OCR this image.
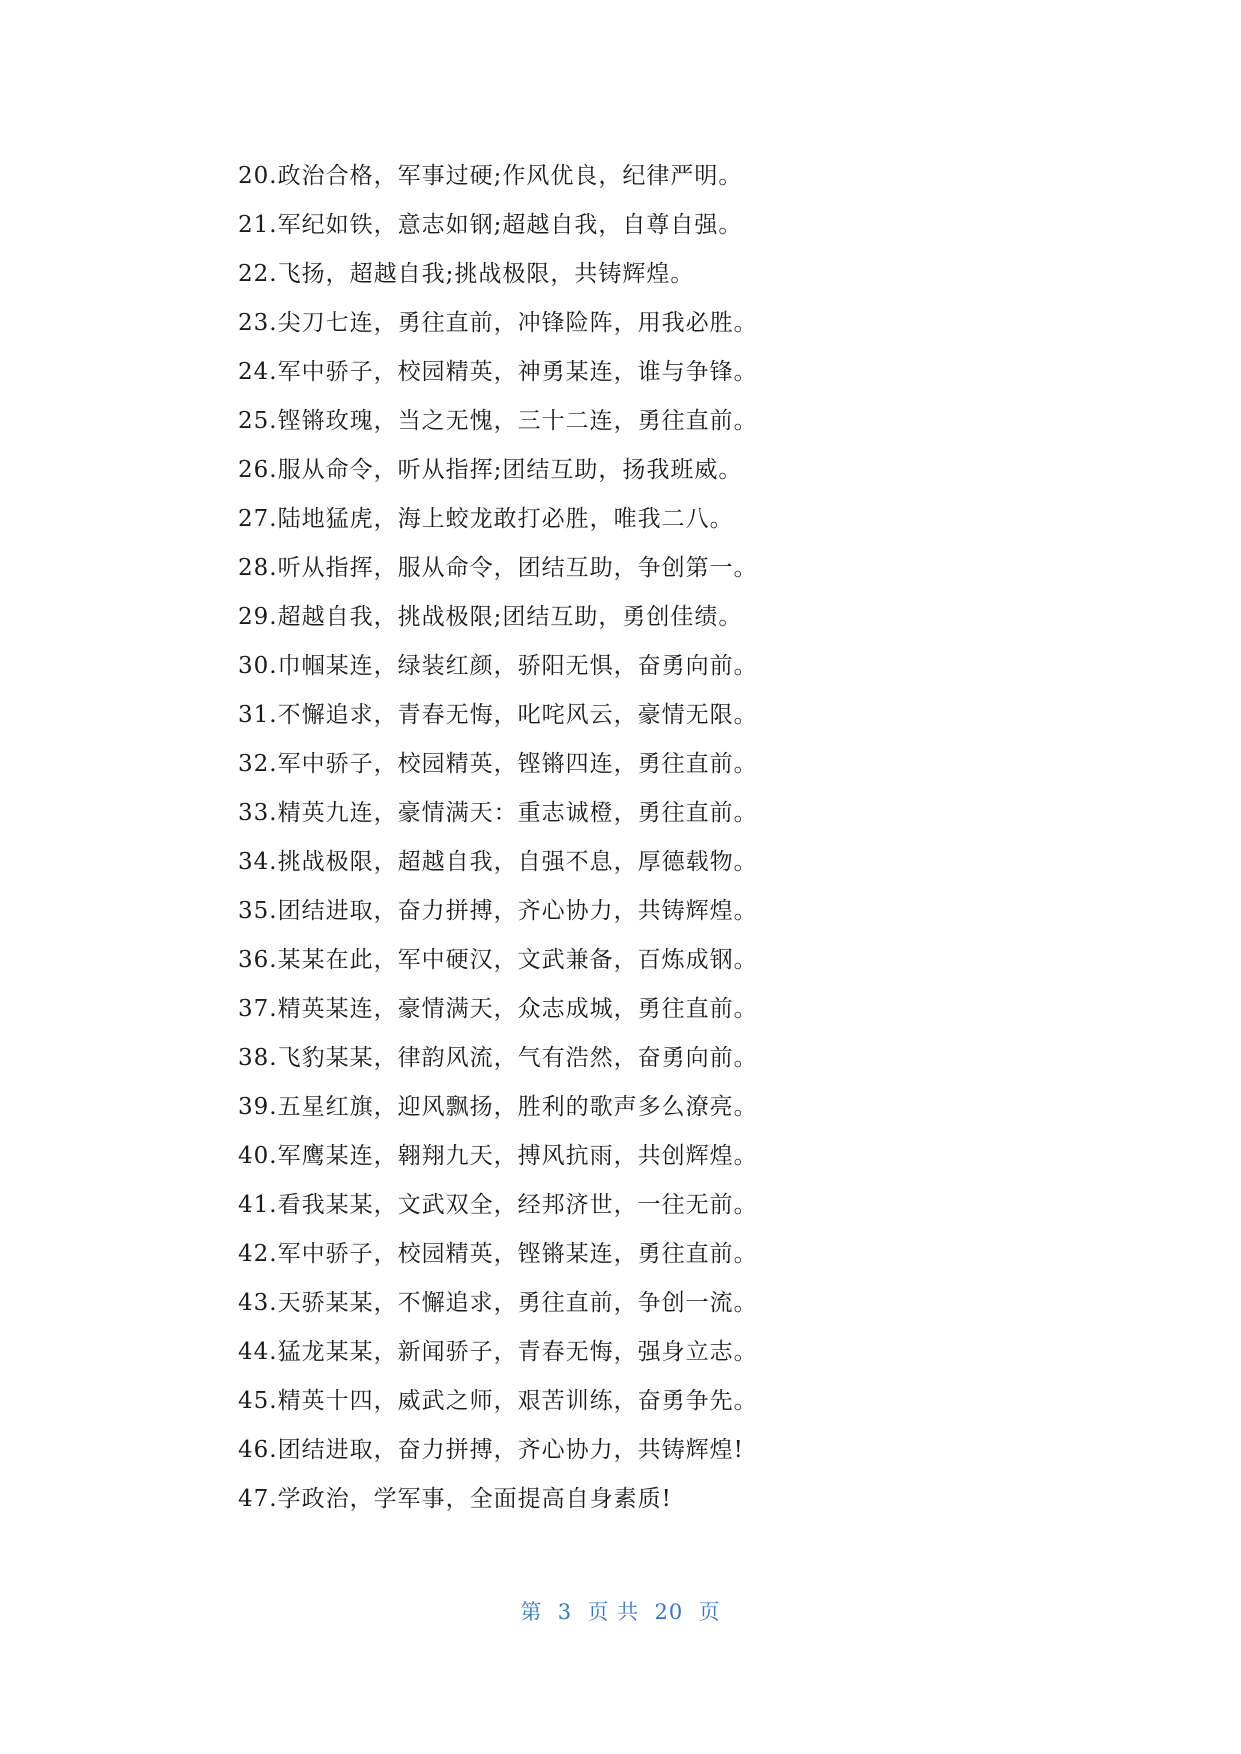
20.政治合格，军事过硬;作风优良，纪律严明。
21.军纪如铁，意志如钢;超越自我，自尊自强。
22.飞扬，超越自我;挑战极限，共铸辉煌。
23.尖刀七连，勇往直前，冲锋险阵，用我必胜。
24.军中骄子，校园精英，神勇某连，谁与争锋。
25.铿锵玫瑰，当之无愧，三十二连，勇往直前。
26.服从命令，听从指挥;团结互助，扬我班威。
27.陆地猛虎，海上蛟龙敢打必胜，唯我二八。
28.听从指挥，服从命令，团结互助，争创第一。
29.超越自我，挑战极限;团结互助，勇创佳绩。
30.巾帼某连，绿装红颜，骄阳无惧，奋勇向前。
31.不懈追求，青春无悔，叱咤风云，豪情无限。
32.军中骄子，校园精英，铿锵四连，勇往直前。
33.精英九连，豪情满天：重志诚橙，勇往直前。
34.挑战极限，超越自我，自强不息，厚德载物。
35.团结进取，奋力拼搏，齐心协力，共铸辉煌。
36.某某在此，军中硬汉，文武兼备，百炼成钢。
37.精英某连，豪情满天，众志成城，勇往直前。
38.飞豹某某，律韵风流，气有浩然，奋勇向前。
39.五星红旗，迎风飘扬，胜利的歌声多么潦亮。
40.军鹰某连，翱翔九天，搏风抗雨，共创辉煌。
41.看我某某，文武双全，经邦济世，一往无前。
42.军中骄子，校园精英，铿锵某连，勇往直前。
43.天骄某某，不懈追求，勇往直前，争创一流。
44.猛龙某某，新闻骄子，青春无悔，强身立志。
45.精英十四，威武之师，艰苦训练，奋勇争先。
46.团结进取，奋力拼搏，齐心协力，共铸辉煌!
47.学政治，学军事，全面提高自身素质!
第  3  页 共  20  页
